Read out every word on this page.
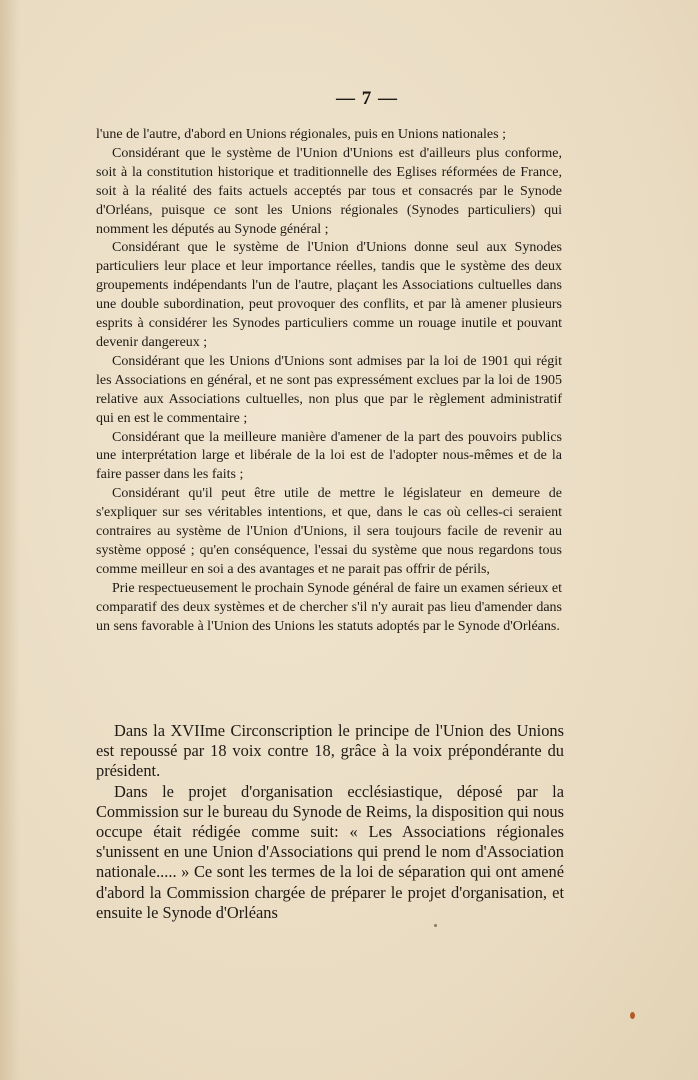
— 7 —

l'une de l'autre, d'abord en Unions régionales, puis en Unions nationales ;

Considérant que le système de l'Union d'Unions est d'ailleurs plus conforme, soit à la constitution historique et traditionnelle des Eglises réformées de France, soit à la réalité des faits actuels acceptés par tous et consacrés par le Synode d'Orléans, puisque ce sont les Unions régionales (Synodes particuliers) qui nomment les députés au Synode général ;

Considérant que le système de l'Union d'Unions donne seul aux Synodes particuliers leur place et leur importance réelles, tandis que le système des deux groupements indépendants l'un de l'autre, plaçant les Associations cultuelles dans une double subordination, peut provoquer des conflits, et par là amener plusieurs esprits à considérer les Synodes particuliers comme un rouage inutile et pouvant devenir dangereux ;

Considérant que les Unions d'Unions sont admises par la loi de 1901 qui régit les Associations en général, et ne sont pas expressément exclues par la loi de 1905 relative aux Associations cultuelles, non plus que par le règlement administratif qui en est le commentaire ;

Considérant que la meilleure manière d'amener de la part des pouvoirs publics une interprétation large et libérale de la loi est de l'adopter nous-mêmes et de la faire passer dans les faits ;

Considérant qu'il peut être utile de mettre le législateur en demeure de s'expliquer sur ses véritables intentions, et que, dans le cas où celles-ci seraient contraires au système de l'Union d'Unions, il sera toujours facile de revenir au système opposé ; qu'en conséquence, l'essai du système que nous regardons tous comme meilleur en soi a des avantages et ne parait pas offrir de périls,

Prie respectueusement le prochain Synode général de faire un examen sérieux et comparatif des deux systèmes et de chercher s'il n'y aurait pas lieu d'amender dans un sens favorable à l'Union des Unions les statuts adoptés par le Synode d'Orléans.

Dans la XVIIme Circonscription le principe de l'Union des Unions est repoussé par 18 voix contre 18, grâce à la voix prépondérante du président.

Dans le projet d'organisation ecclésiastique, déposé par la Commission sur le bureau du Synode de Reims, la disposition qui nous occupe était rédigée comme suit: « Les Associations régionales s'unissent en une Union d'Associations qui prend le nom d'Association nationale..... » Ce sont les termes de la loi de séparation qui ont amené d'abord la Commission chargée de préparer le projet d'organisation, et ensuite le Synode d'Orléans
